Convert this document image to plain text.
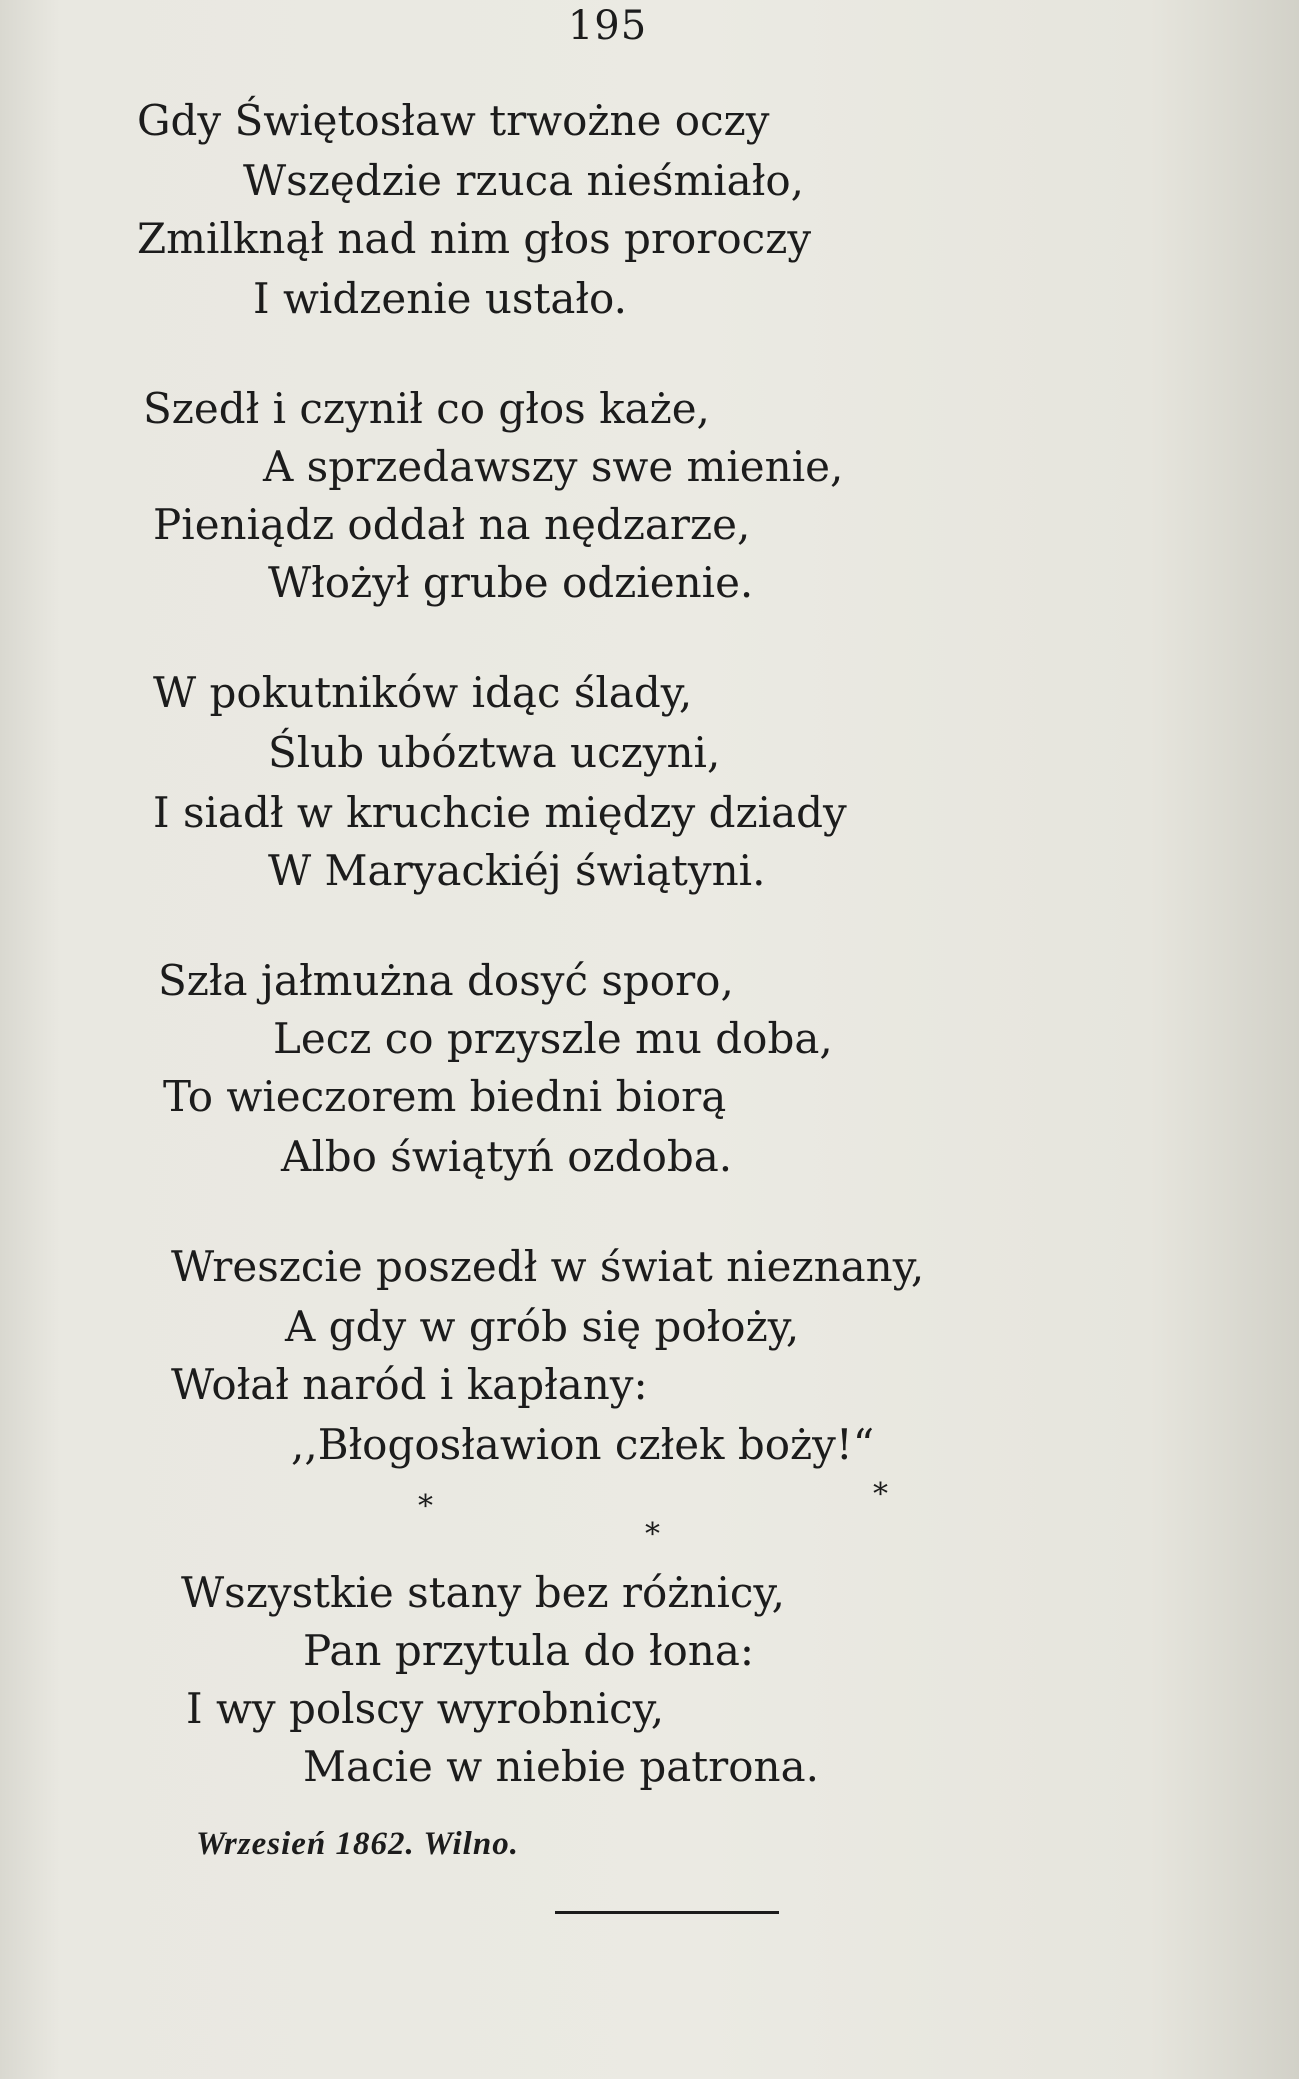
195
Gdy Świętosław trwożne oczy
Wszędzie rzuca nieśmiało,
Zmilknął nad nim głos proroczy
I widzenie ustało.
Szedł i czynił co głos każe,
A sprzedawszy swe mienie,
Pieniądz oddał na nędzarze,
Włożył grube odzienie.
W pokutników idąc ślady,
Ślub ubóztwa uczyni,
I siadł w kruchcie między dziady
W Maryackiéj świątyni.
Szła jałmużna dosyć sporo,
Lecz co przyszle mu doba,
To wieczorem biedni biorą
Albo świątyń ozdoba.
Wreszcie poszedł w świat nieznany,
A gdy w grób się położy,
Wołał naród i kapłany:
,,Błogosławion człek boży!“
*	*
*
Wszystkie stany bez różnicy,
Pan przytula do łona:
I wy polscy wyrobnicy,
Macie w niebie patrona.
Wrzesień 1862. Wilno.
